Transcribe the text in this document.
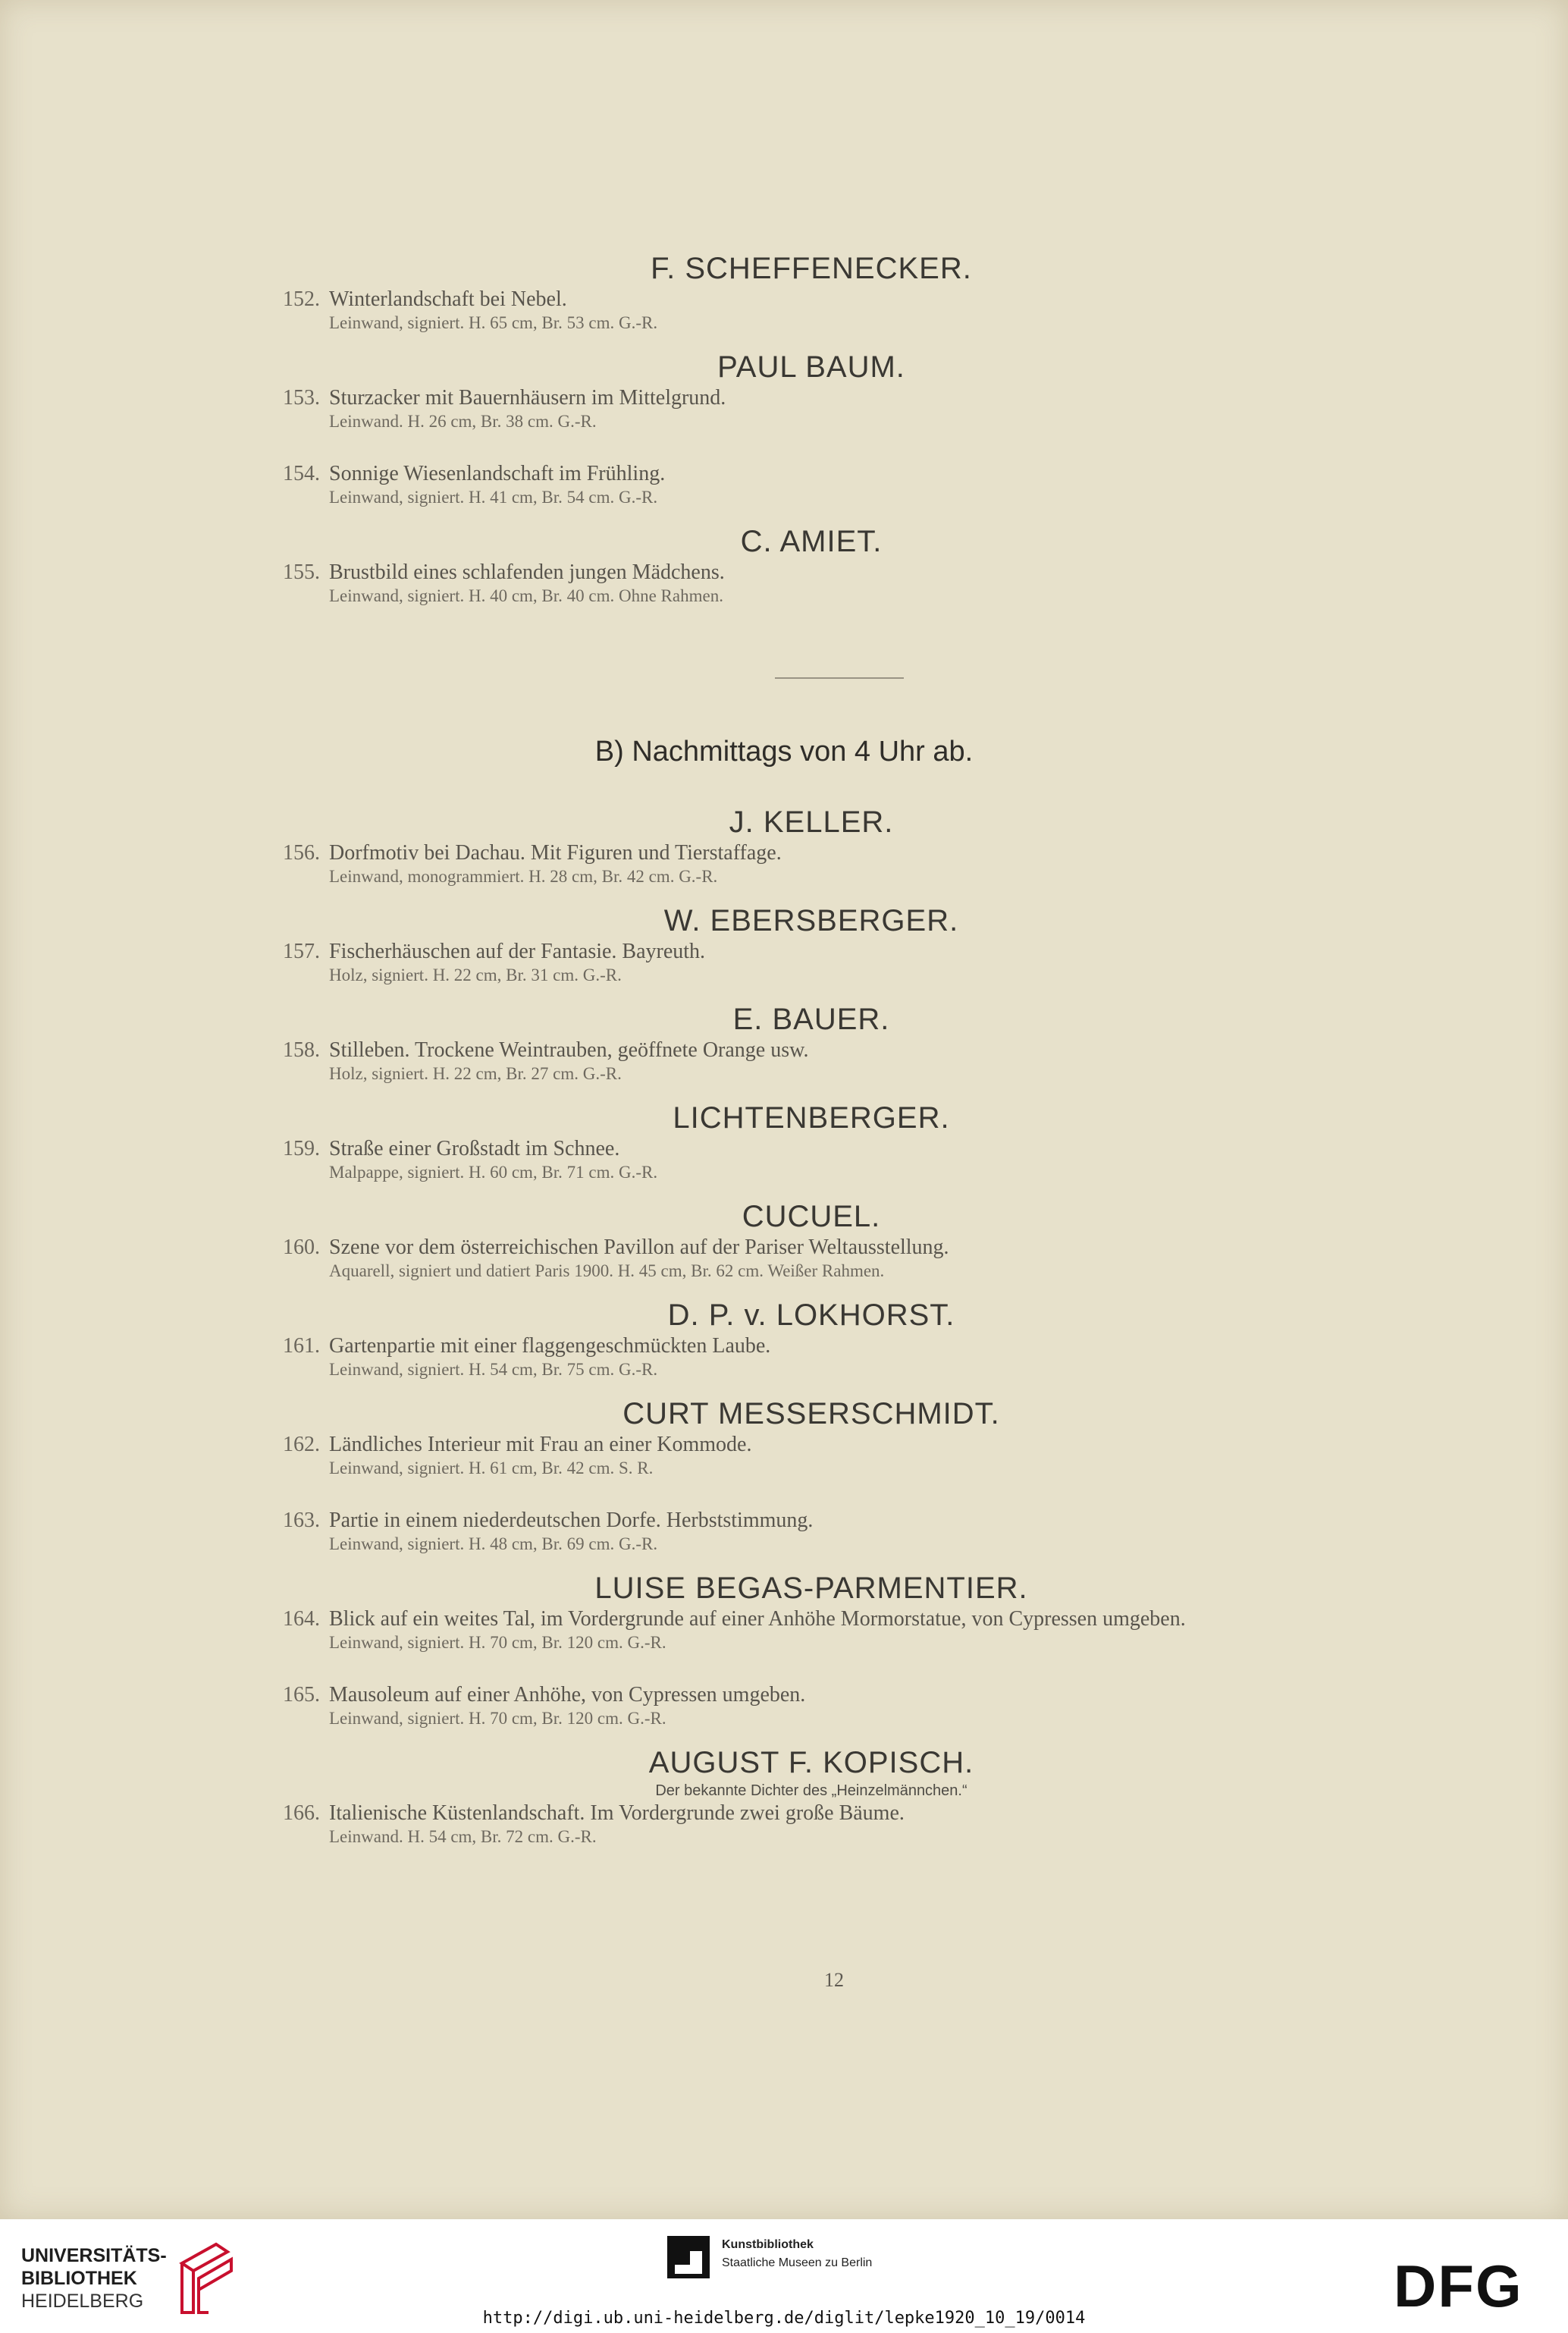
F. SCHEFFENECKER.
152. Winterlandschaft bei Nebel.
Leinwand, signiert. H. 65 cm, Br. 53 cm. G.-R.
PAUL BAUM.
153. Sturzacker mit Bauernhäusern im Mittelgrund.
Leinwand. H. 26 cm, Br. 38 cm. G.-R.
154. Sonnige Wiesenlandschaft im Frühling.
Leinwand, signiert. H. 41 cm, Br. 54 cm. G.-R.
C. AMIET.
155. Brustbild eines schlafenden jungen Mädchens.
Leinwand, signiert. H. 40 cm, Br. 40 cm. Ohne Rahmen.
B) Nachmittags von 4 Uhr ab.
J. KELLER.
156. Dorfmotiv bei Dachau. Mit Figuren und Tierstaffage.
Leinwand, monogrammiert. H. 28 cm, Br. 42 cm. G.-R.
W. EBERSBERGER.
157. Fischerhäuschen auf der Fantasie. Bayreuth.
Holz, signiert. H. 22 cm, Br. 31 cm. G.-R.
E. BAUER.
158. Stilleben. Trockene Weintrauben, geöffnete Orange usw.
Holz, signiert. H. 22 cm, Br. 27 cm. G.-R.
LICHTENBERGER.
159. Straße einer Großstadt im Schnee.
Malpappe, signiert. H. 60 cm, Br. 71 cm. G.-R.
CUCUEL.
160. Szene vor dem österreichischen Pavillon auf der Pariser Weltausstellung.
Aquarell, signiert und datiert Paris 1900. H. 45 cm, Br. 62 cm. Weißer Rahmen.
D. P. v. LOKHORST.
161. Gartenpartie mit einer flaggengeschmückten Laube.
Leinwand, signiert. H. 54 cm, Br. 75 cm. G.-R.
CURT MESSERSCHMIDT.
162. Ländliches Interieur mit Frau an einer Kommode.
Leinwand, signiert. H. 61 cm, Br. 42 cm. S. R.
163. Partie in einem niederdeutschen Dorfe. Herbststimmung.
Leinwand, signiert. H. 48 cm, Br. 69 cm. G.-R.
LUISE BEGAS-PARMENTIER.
164. Blick auf ein weites Tal, im Vordergrunde auf einer Anhöhe Mormorstatue, von Cypressen umgeben.
Leinwand, signiert. H. 70 cm, Br. 120 cm. G.-R.
165. Mausoleum auf einer Anhöhe, von Cypressen umgeben.
Leinwand, signiert. H. 70 cm, Br. 120 cm. G.-R.
AUGUST F. KOPISCH.
Der bekannte Dichter des „Heinzelmännchen.“
166. Italienische Küstenlandschaft. Im Vordergrunde zwei große Bäume.
Leinwand. H. 54 cm, Br. 72 cm. G.-R.
12
UNIVERSITÄTS-
BIBLIOTHEK
HEIDELBERG
Kunstbibliothek
Staatliche Museen zu Berlin	DFG
http://digi.ub.uni-heidelberg.de/diglit/lepke1920_10_19/0014
